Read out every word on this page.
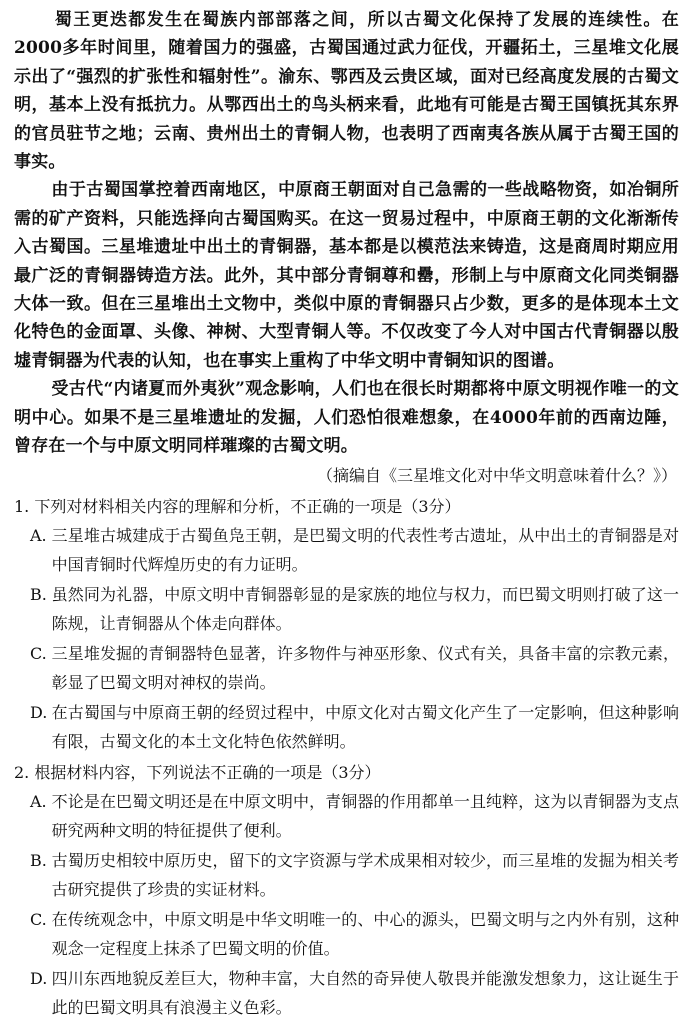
蜀王更迭都发生在蜀族内部部落之间，所以古蜀文化保持了发展的连续性。在2000多年时间里，随着国力的强盛，古蜀国通过武力征伐，开疆拓土，三星堆文化展示出了“强烈的扩张性和辐射性”。渝东、鄂西及云贵区域，面对已经高度发展的古蜀文明，基本上没有抵抗力。从鄂西出土的鸟头柄来看，此地有可能是古蜀王国镇抚其东界的官员驻节之地；云南、贵州出土的青铜人物，也表明了西南夷各族从属于古蜀王国的事实。

由于古蜀国掌控着西南地区，中原商王朝面对自己急需的一些战略物资，如冶铜所需的矿产资料，只能选择向古蜀国购买。在这一贸易过程中，中原商王朝的文化渐渐传入古蜀国。三星堆遗址中出土的青铜器，基本都是以模范法来铸造，这是商周时期应用最广泛的青铜器铸造方法。此外，其中部分青铜尊和罍，形制上与中原商文化同类铜器大体一致。但在三星堆出土文物中，类似中原的青铜器只占少数，更多的是体现本土文化特色的金面罩、头像、神树、大型青铜人等。不仅改变了今人对中国古代青铜器以殷墟青铜器为代表的认知，也在事实上重构了中华文明中青铜知识的图谱。

受古代“内诸夏而外夷狄”观念影响，人们也在很长时期都将中原文明视作唯一的文明中心。如果不是三星堆遗址的发掘，人们恐怕很难想象，在4000年前的西南边陲，曾存在一个与中原文明同样璀璨的古蜀文明。

（摘编自《三星堆文化对中华文明意味着什么？》）

1. 下列对材料相关内容的理解和分析，不正确的一项是（3分）

A. 三星堆古城建成于古蜀鱼凫王朝，是巴蜀文明的代表性考古遗址，从中出土的青铜器是对中国青铜时代辉煌历史的有力证明。

B. 虽然同为礼器，中原文明中青铜器彰显的是家族的地位与权力，而巴蜀文明则打破了这一陈规，让青铜器从个体走向群体。

C. 三星堆发掘的青铜器特色显著，许多物件与神巫形象、仪式有关，具备丰富的宗教元素，彰显了巴蜀文明对神权的崇尚。

D. 在古蜀国与中原商王朝的经贸过程中，中原文化对古蜀文化产生了一定影响，但这种影响有限，古蜀文化的本土文化特色依然鲜明。

2. 根据材料内容，下列说法不正确的一项是（3分）

A. 不论是在巴蜀文明还是在中原文明中，青铜器的作用都单一且纯粹，这为以青铜器为支点研究两种文明的特征提供了便利。

B. 古蜀历史相较中原历史，留下的文字资源与学术成果相对较少，而三星堆的发掘为相关考古研究提供了珍贵的实证材料。

C. 在传统观念中，中原文明是中华文明唯一的、中心的源头，巴蜀文明与之内外有别，这种观念一定程度上抹杀了巴蜀文明的价值。

D. 四川东西地貌反差巨大，物种丰富，大自然的奇异使人敬畏并能激发想象力，这让诞生于此的巴蜀文明具有浪漫主义色彩。
